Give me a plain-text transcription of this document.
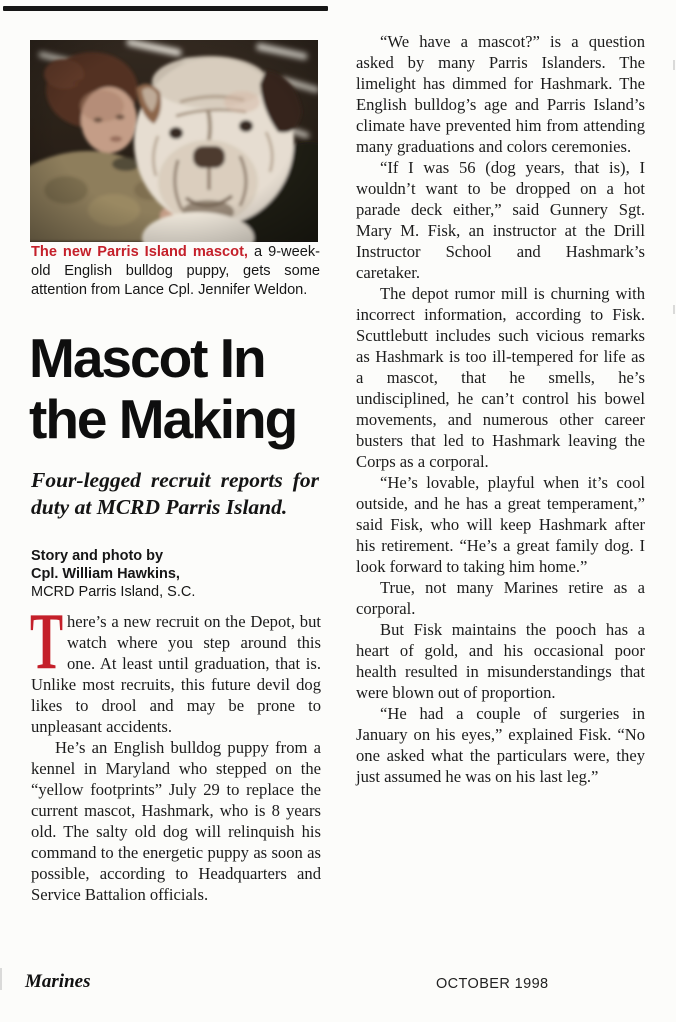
The new Parris Island mascot, a 9-week-old English bulldog puppy, gets some attention from Lance Cpl. Jennifer Weldon.
Mascot In
the Making
Four-legged recruit reports for duty at MCRD Parris Island.
Story and photo by
Cpl. William Hawkins,
MCRD Parris Island, S.C.

T here’s a new recruit on the Depot, but watch where you step around this one. At least until graduation, that is. Unlike most recruits, this future devil dog likes to drool and may be prone to unpleasant accidents.

He’s an English bulldog puppy from a kennel in Maryland who stepped on the “yellow footprints” July 29 to replace the current mascot, Hashmark, who is 8 years old. The salty old dog will relinquish his command to the energetic puppy as soon as possible, according to Headquarters and Service Battalion officials.

“We have a mascot?” is a question asked by many Parris Islanders. The limelight has dimmed for Hashmark. The English bulldog’s age and Parris Island’s climate have prevented him from attending many graduations and colors ceremonies.

“If I was 56 (dog years, that is), I wouldn’t want to be dropped on a hot parade deck either,” said Gunnery Sgt. Mary M. Fisk, an instructor at the Drill Instructor School and Hashmark’s caretaker.

The depot rumor mill is churning with incorrect information, according to Fisk. Scuttlebutt includes such vicious remarks as Hashmark is too ill-tempered for life as a mascot, that he smells, he’s undisciplined, he can’t control his bowel movements, and numerous other career busters that led to Hashmark leaving the Corps as a corporal.

“He’s lovable, playful when it’s cool outside, and he has a great temperament,” said Fisk, who will keep Hashmark after his retirement. “He’s a great family dog. I look forward to taking him home.”

True, not many Marines retire as a corporal.

But Fisk maintains the pooch has a heart of gold, and his occasional poor health resulted in misunderstandings that were blown out of proportion.

“He had a couple of surgeries in January on his eyes,” explained Fisk. “No one asked what the particulars were, they just assumed he was on his last leg.”

Marines	OCTOBER 1998
